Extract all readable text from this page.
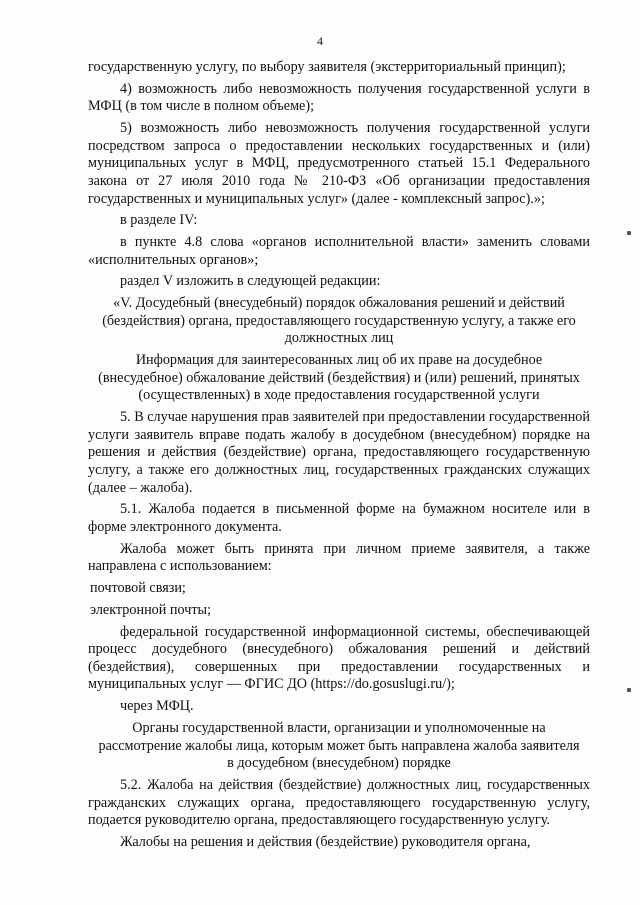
4

государственную услугу, по выбору заявителя (экстерриториальный принцип);

4) возможность либо невозможность получения государственной услуги в МФЦ (в том числе в полном объеме);

5) возможность либо невозможность получения государственной услуги посредством запроса о предоставлении нескольких государственных и (или) муниципальных услуг в МФЦ, предусмотренного статьей 15.1 Федерального закона от 27 июля 2010 года № 210-ФЗ «Об организации предоставления государственных и муниципальных услуг» (далее - комплексный запрос).»;

в разделе IV:

в пункте 4.8 слова «органов исполнительной власти» заменить словами «исполнительных органов»;

раздел V изложить в следующей редакции:

«V. Досудебный (внесудебный) порядок обжалования решений и действий (бездействия) органа, предоставляющего государственную услугу, а также его должностных лиц

Информация для заинтересованных лиц об их праве на досудебное (внесудебное) обжалование действий (бездействия) и (или) решений, принятых (осуществленных) в ходе предоставления государственной услуги

5. В случае нарушения прав заявителей при предоставлении государственной услуги заявитель вправе подать жалобу в досудебном (внесудебном) порядке на решения и действия (бездействие) органа, предоставляющего государственную услугу, а также его должностных лиц, государственных гражданских служащих (далее – жалоба).

5.1. Жалоба подается в письменной форме на бумажном носителе или в форме электронного документа.

Жалоба может быть принята при личном приеме заявителя, а также направлена с использованием:

почтовой связи;

электронной почты;

федеральной государственной информационной системы, обеспечивающей процесс досудебного (внесудебного) обжалования решений и действий (бездействия), совершенных при предоставлении государственных и муниципальных услуг — ФГИС ДО (https://do.gosuslugi.ru/);

через МФЦ.

Органы государственной власти, организации и уполномоченные на рассмотрение жалобы лица, которым может быть направлена жалоба заявителя в досудебном (внесудебном) порядке

5.2. Жалоба на действия (бездействие) должностных лиц, государственных гражданских служащих органа, предоставляющего государственную услугу, подается руководителю органа, предоставляющего государственную услугу.

Жалобы на решения и действия (бездействие) руководителя органа,
